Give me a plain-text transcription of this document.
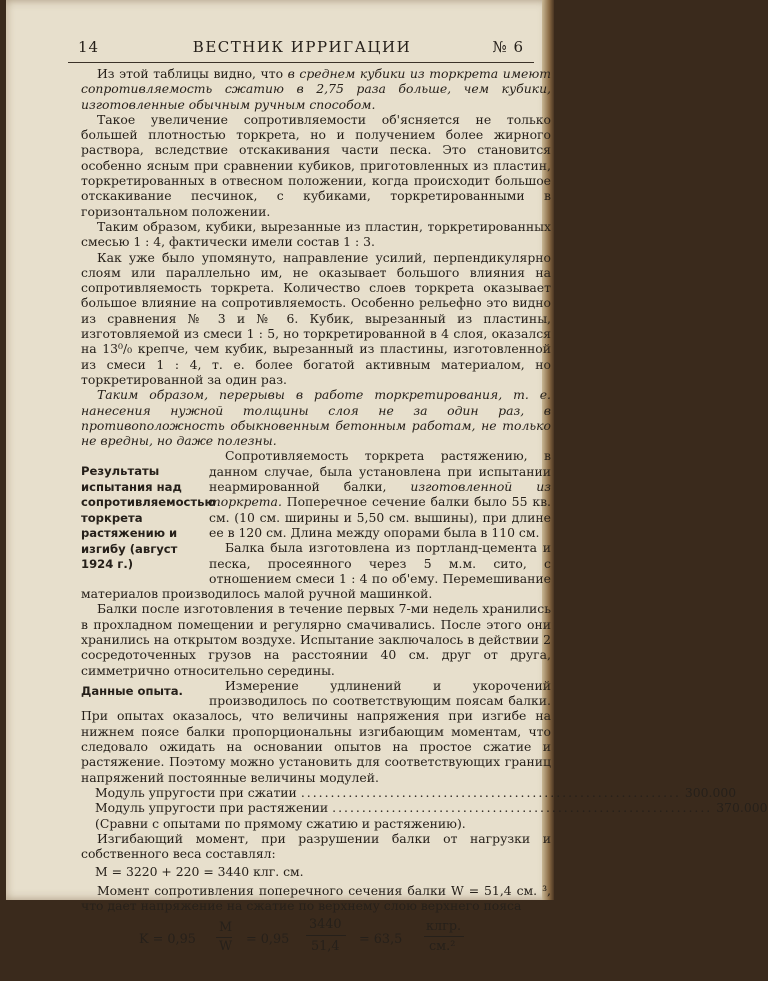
14	ВЕСТНИК ИРРИГАЦИИ	№ 6

Из этой таблицы видно, что в среднем кубики из торкрета имеют сопротивляемость сжатию в 2,75 раза больше, чем кубики, изготовленные обычным ручным способом.

Такое увеличение сопротивляемости об'ясняется не только большей плотностью торкрета, но и получением более жирного раствора, вследствие отскакивания части песка. Это становится особенно ясным при сравнении кубиков, приготовленных из пластин, торкретированных в отвесном положении, когда происходит большое отскакивание песчинок, с кубиками, торкретированными в горизонтальном положении.

Таким образом, кубики, вырезанные из пластин, торкретированных смесью 1 : 4, фактически имели состав 1 : 3.

Как уже было упомянуто, направление усилий, перпендикулярно слоям или параллельно им, не оказывает большого влияния на сопротивляемость торкрета. Количество слоев торкрета оказывает большое влияние на сопротивляемость. Особенно рельефно это видно из сравнения № 3 и № 6. Кубик, вырезанный из пластины, изготовляемой из смеси 1 : 5, но торкретированной в 4 слоя, оказался на 13⁰/₀ крепче, чем кубик, вырезанный из пластины, изготовленной из смеси 1 : 4, т. е. более богатой активным материалом, но торкретированной за один раз.

Таким образом, перерывы в работе торкретирования, т. е. нанесения нужной толщины слоя не за один раз, в противоположность обыкновенным бетонным работам, не только не вредны, но даже полезны.

Результаты испытания над сопротивляемостью торкрета растяжению и изгибу (август 1924 г.)

Сопротивляемость торкрета растяжению, в данном случае, была установлена при испытании неармированной балки, изготовленной из торкрета. Поперечное сечение балки было 55 кв. см. (10 см. ширины и 5,50 см. вышины), при длине ее в 120 см. Длина между опорами была в 110 см.

Балка была изготовлена из портланд-цемента и песка, просеянного через 5 м.м. сито, с отношением смеси 1 : 4 по об'ему. Перемешивание материалов производилось малой ручной машинкой.

Балки после изготовления в течение первых 7-ми недель хранились в прохладном помещении и регулярно смачивались. После этого они хранились на открытом воздухе. Испытание заключалось в действии 2 сосредоточенных грузов на расстоянии 40 см. друг от друга, симметрично относительно середины.

Данные опыта.	Измерение удлинений и укорочений производилось по соответствующим поясам балки. При опытах оказалось, что величины напряжения при изгибе на нижнем поясе балки пропорциональны изгибающим моментам, что следовало ожидать на основании опытов на простое сжатие и растяжение. Поэтому можно установить для соответствующих границ напряжений постоянные величины модулей.

Модуль упругости при сжатии ................................................................ 300.000
Модуль упругости при растяжении ................................................................ 370.000
(Сравни с опытами по прямому сжатию и растяжению).

Изгибающий момент, при разрушении балки от нагрузки и собственного веса составлял:

M = 3220 + 220 = 3440 клг. см.

Момент сопротивления поперечного сечения балки W = 51,4 см. ³, что дает напряжение на сжатие по верхнему слою верхнего пояса

K = 0,95
M
W = 0,95
3440
51,4 = 63,5
клгр.
см.²
